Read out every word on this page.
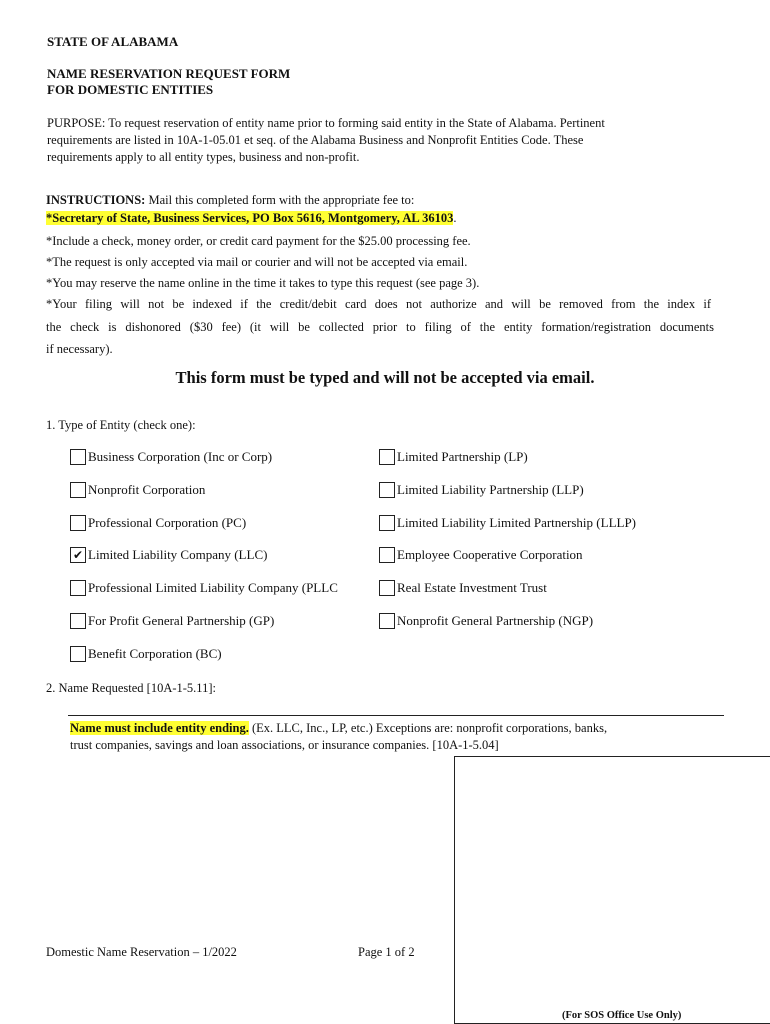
STATE OF ALABAMA
NAME RESERVATION REQUEST FORM
FOR DOMESTIC ENTITIES
PURPOSE: To request reservation of entity name prior to forming said entity in the State of Alabama. Pertinent
requirements are listed in 10A-1-05.01 et seq. of the Alabama Business and Nonprofit Entities Code. These
requirements apply to all entity types, business and non-profit.
INSTRUCTIONS: Mail this completed form with the appropriate fee to:
*Secretary of State, Business Services, PO Box 5616, Montgomery, AL 36103.
*Include a check, money order, or credit card payment for the $25.00 processing fee.
*The request is only accepted via mail or courier and will not be accepted via email.
*You may reserve the name online in the time it takes to type this request (see page 3).
*Your filing will not be indexed if the credit/debit card does not authorize and will be removed from the index if
the check is dishonored ($30 fee) (it will be collected prior to filing of the entity formation/registration documents
if necessary).
This form must be typed and will not be accepted via email.
1. Type of Entity (check one):
Business Corporation (Inc or Corp)
Nonprofit Corporation
Professional Corporation (PC)
✔ Limited Liability Company (LLC)
Professional Limited Liability Company (PLLC
For Profit General Partnership (GP)
Benefit Corporation (BC)
Limited Partnership (LP)
Limited Liability Partnership (LLP)
Limited Liability Limited Partnership (LLLP)
Employee Cooperative Corporation
Real Estate Investment Trust
Nonprofit General Partnership (NGP)
2. Name Requested [10A-1-5.11]:
Name must include entity ending. (Ex. LLC, Inc., LP, etc.) Exceptions are: nonprofit corporations, banks,
trust companies, savings and loan associations, or insurance companies. [10A-1-5.04]
(For SOS Office Use Only)
Domestic Name Reservation – 1/2022	Page 1 of 2
